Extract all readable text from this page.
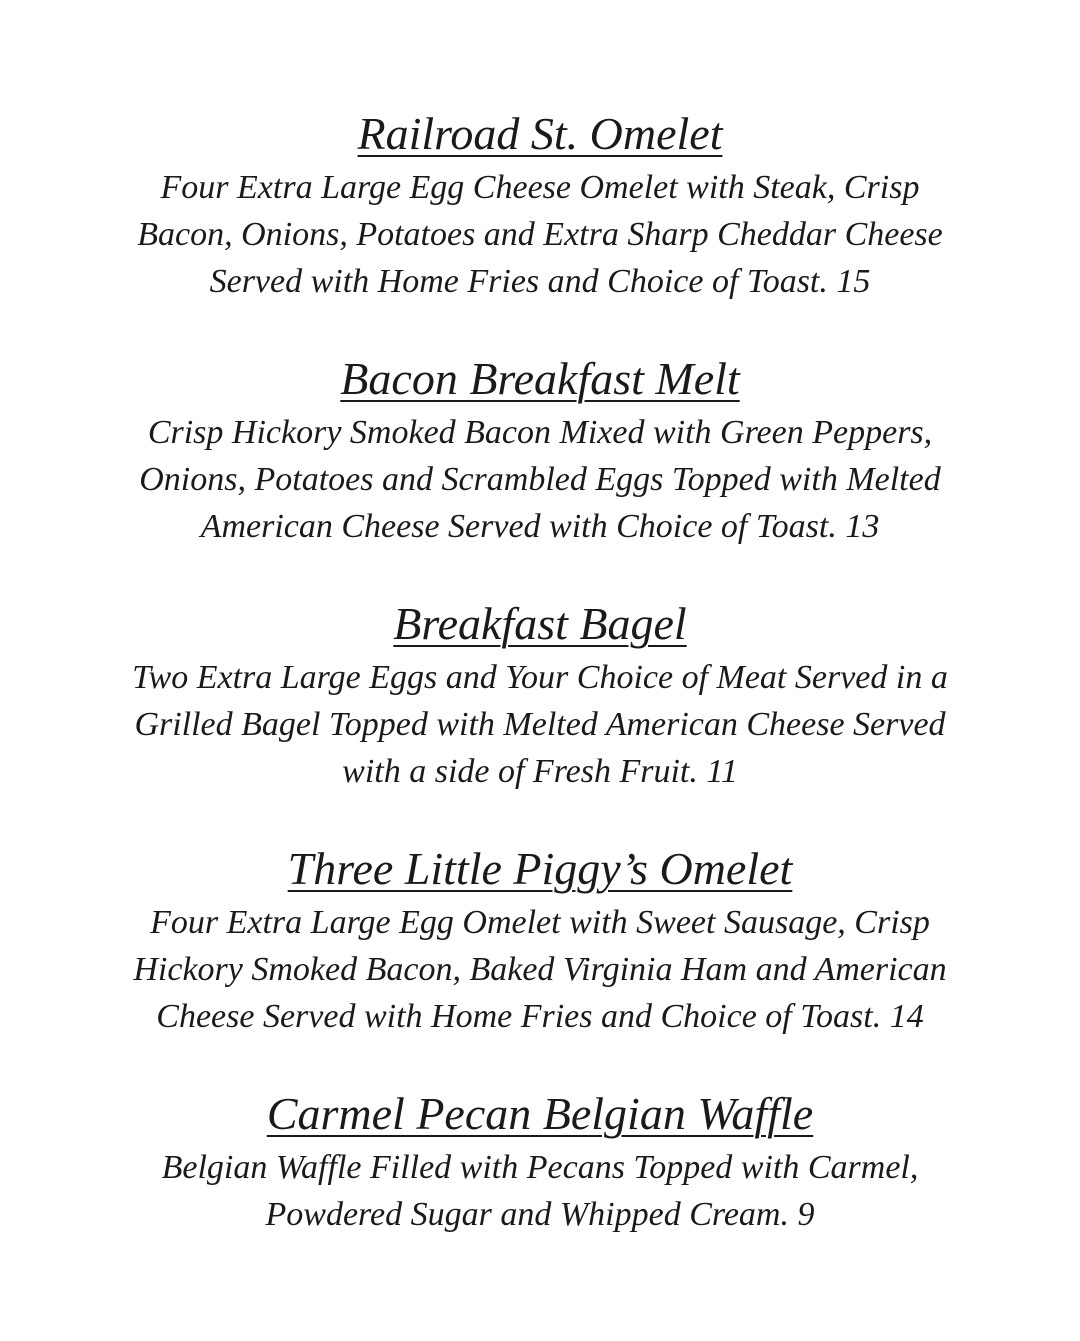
Railroad St. Omelet
Four Extra Large Egg Cheese Omelet with Steak, Crisp
Bacon, Onions, Potatoes and Extra Sharp Cheddar Cheese
Served with Home Fries and Choice of Toast. 15
Bacon Breakfast Melt
Crisp Hickory Smoked Bacon Mixed with Green Peppers,
Onions, Potatoes and Scrambled Eggs Topped with Melted
American Cheese Served with Choice of Toast. 13
Breakfast Bagel
Two Extra Large Eggs and Your Choice of Meat Served in a
Grilled Bagel Topped with Melted American Cheese Served
with a side of Fresh Fruit. 11
Three Little Piggy’s Omelet
Four Extra Large Egg Omelet with Sweet Sausage, Crisp
Hickory Smoked Bacon, Baked Virginia Ham and American
Cheese Served with Home Fries and Choice of Toast. 14
Carmel Pecan Belgian Waffle
Belgian Waffle Filled with Pecans Topped with Carmel,
Powdered Sugar and Whipped Cream. 9
